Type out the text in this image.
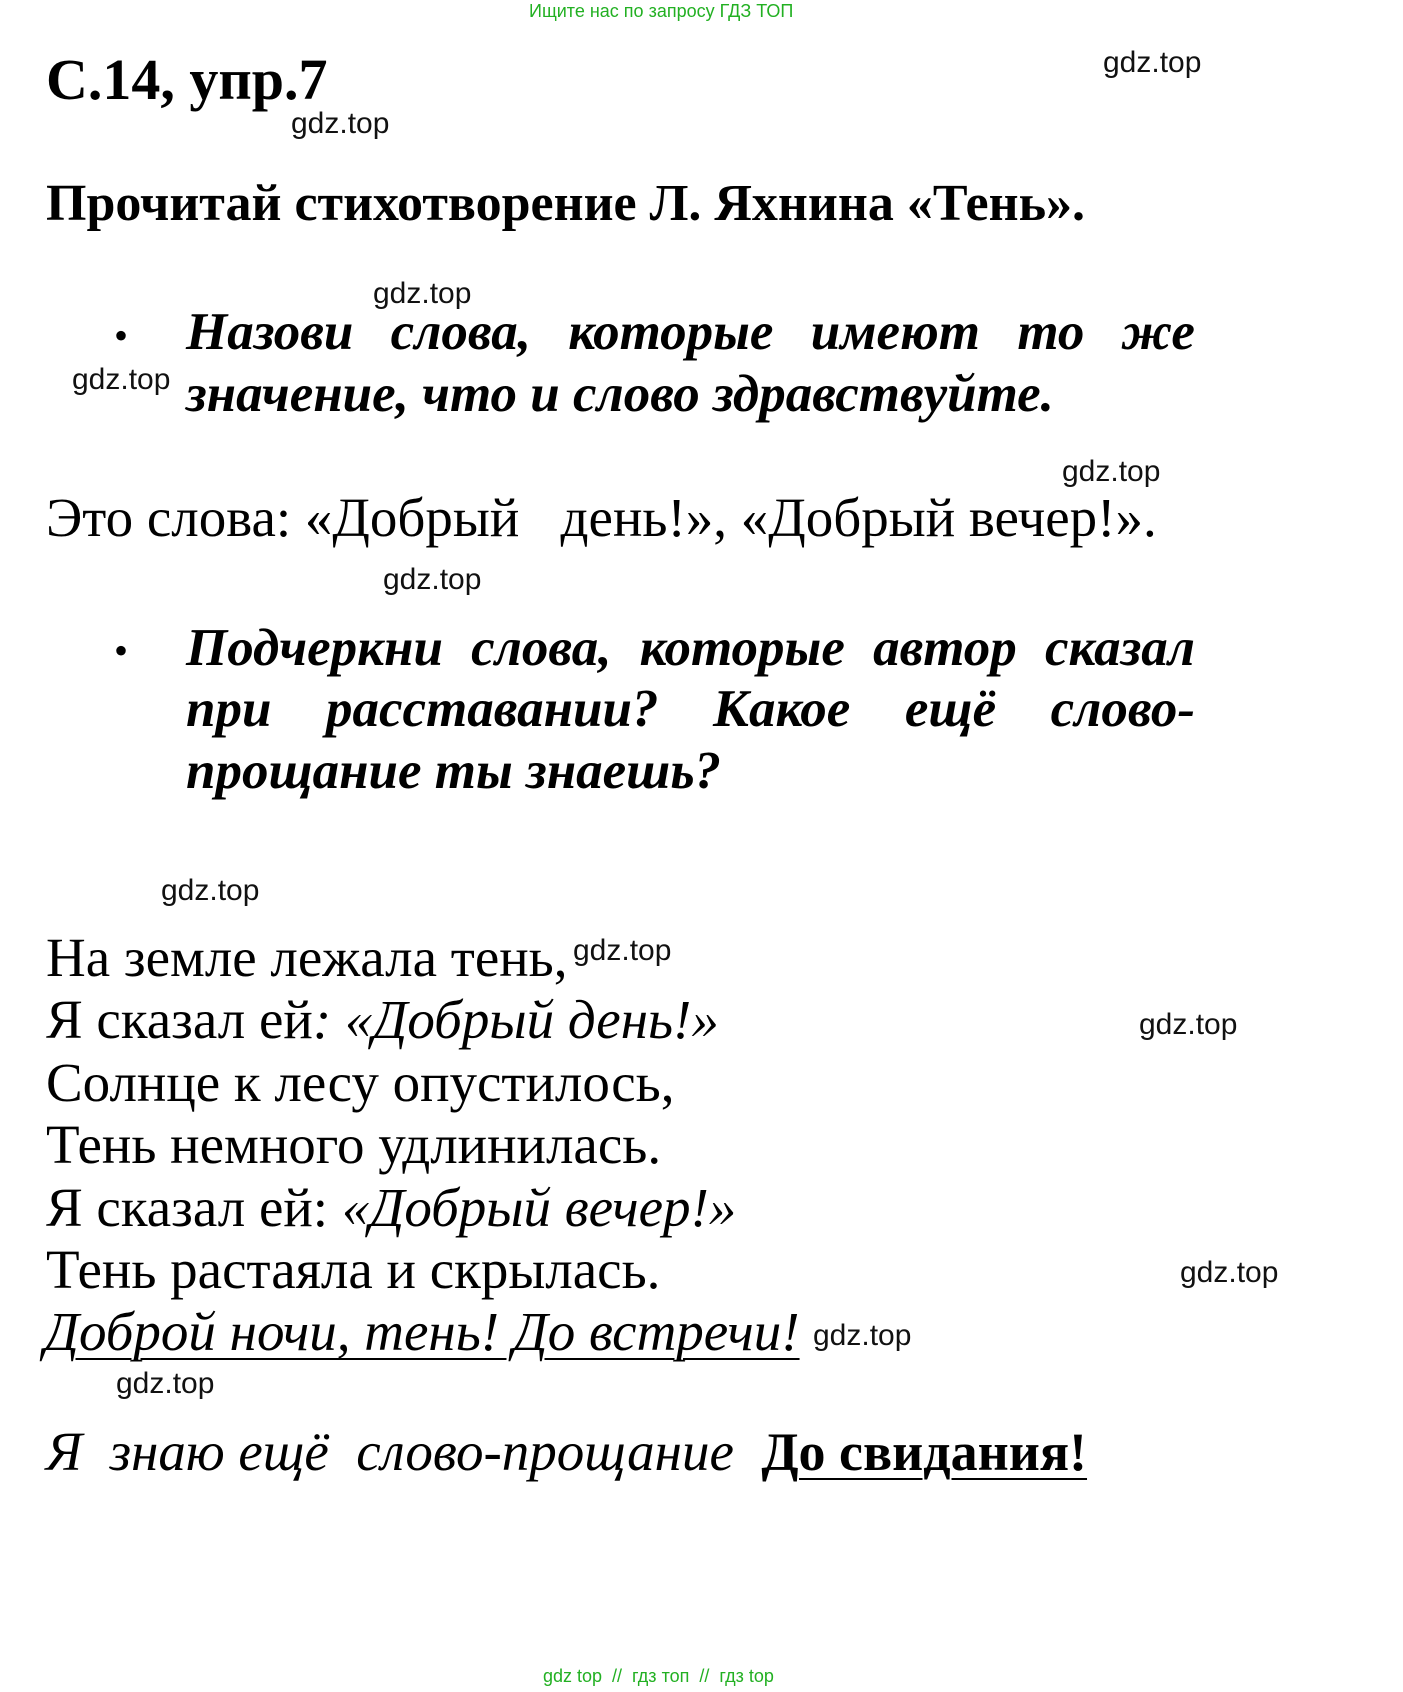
Ищите нас по запросу ГДЗ ТОП
С.14, упр.7
Прочитай стихотворение Л. Яхнина «Тень».
• Назови слова, которые имеют то же
значение, что и слово здравствуйте.
Это слова: «Добрый   день!», «Добрый вечер!».
• Подчеркни слова, которые автор сказал
при расставании? Какое ещё слово-
прощание ты знаешь?
На земле лежала тень,
Я сказал ей: «Добрый день!»
Солнце к лесу опустилось,
Тень немного удлинилась.
Я сказал ей: «Добрый вечер!»
Тень растаяла и скрылась.
Доброй ночи, тень! До встречи!
Я  знаю ещё  слово-прощание До свидания!
gdz.top
gdz.top
gdz.top
gdz.top
gdz.top
gdz.top
gdz.top
gdz.top
gdz.top
gdz.top
gdz.top
gdz.top
gdz top  //  гдз топ  //  гдз top
